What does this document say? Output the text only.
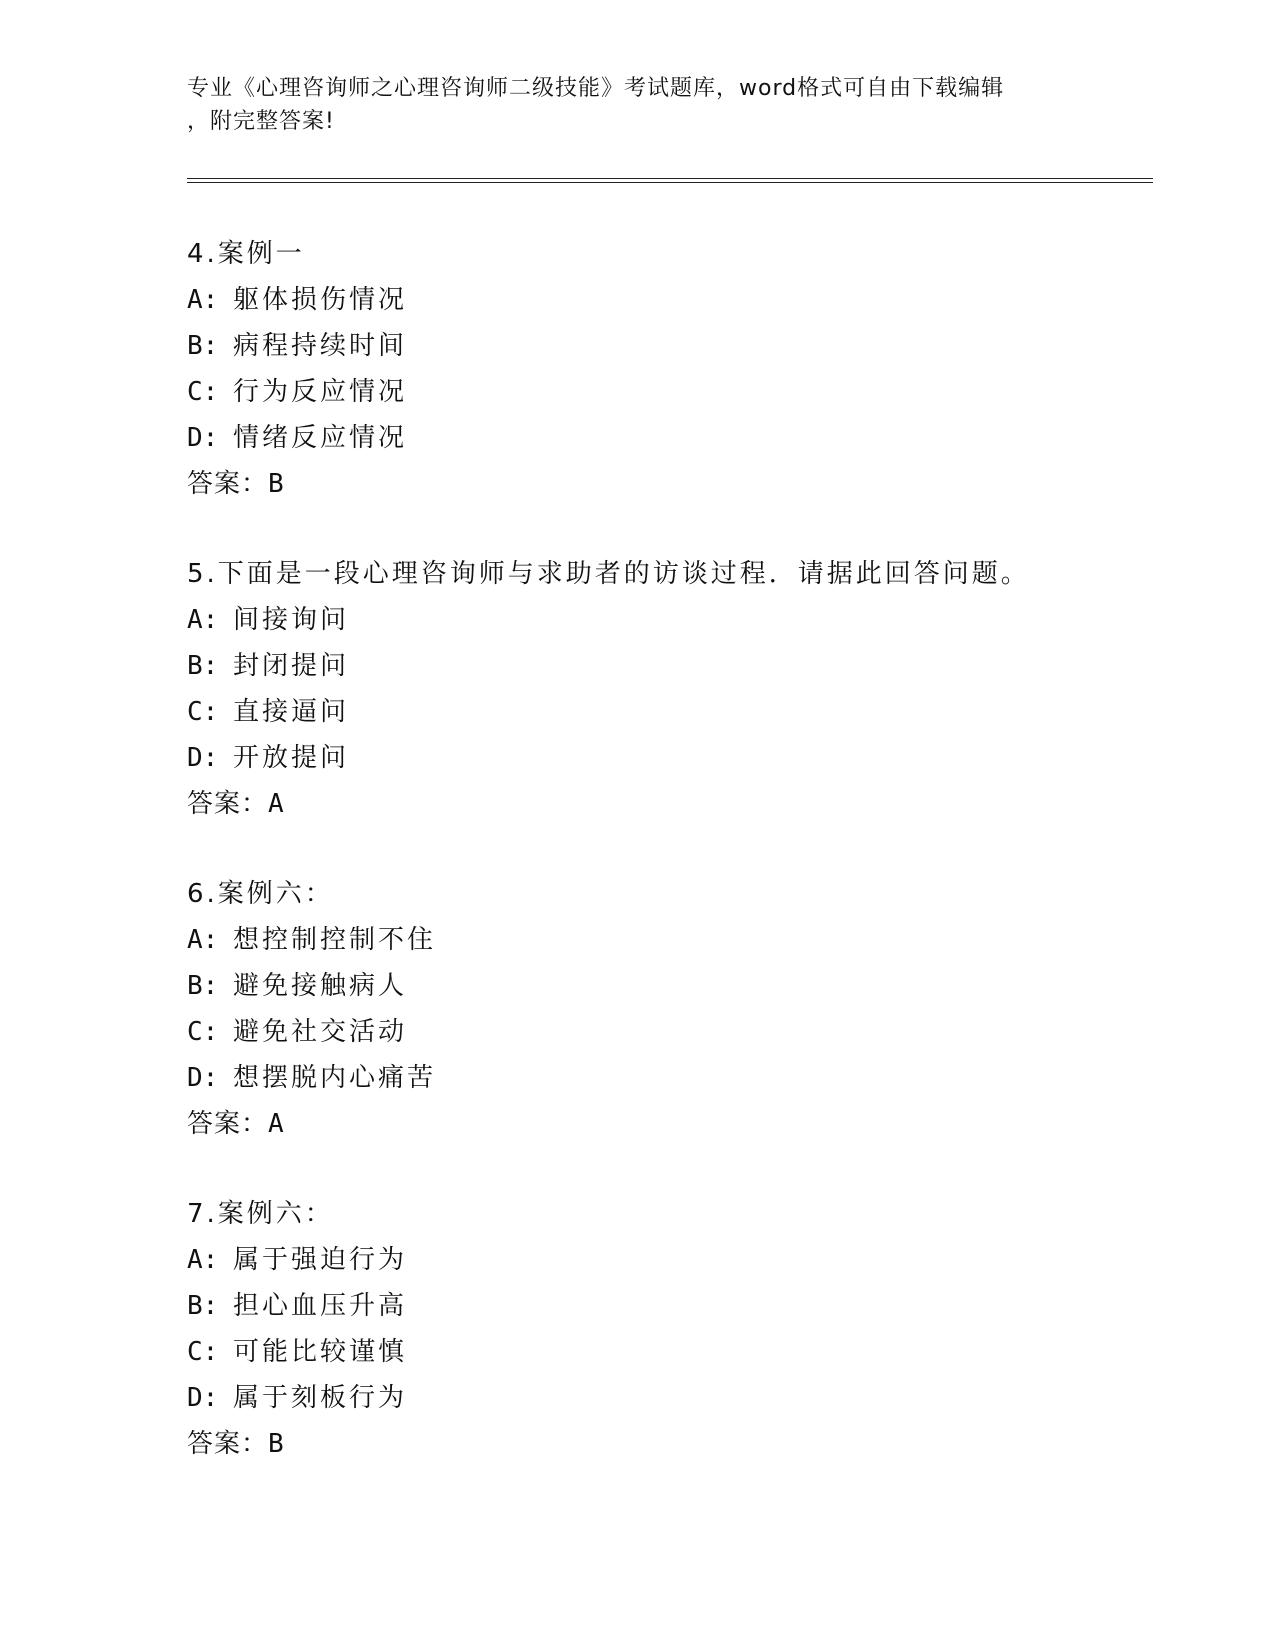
专业《心理咨询师之心理咨询师二级技能》考试题库，word格式可自由下载编辑
，附完整答案!
4.案例一
A: 躯体损伤情况
B: 病程持续时间
C: 行为反应情况
D: 情绪反应情况
答案：B
5.下面是一段心理咨询师与求助者的访谈过程．请据此回答问题。
A: 间接询问
B: 封闭提问
C: 直接逼问
D: 开放提问
答案：A
6.案例六：
A: 想控制控制不住
B: 避免接触病人
C: 避免社交活动
D: 想摆脱内心痛苦
答案：A
7.案例六：
A: 属于强迫行为
B: 担心血压升高
C: 可能比较谨慎
D: 属于刻板行为
答案：B
